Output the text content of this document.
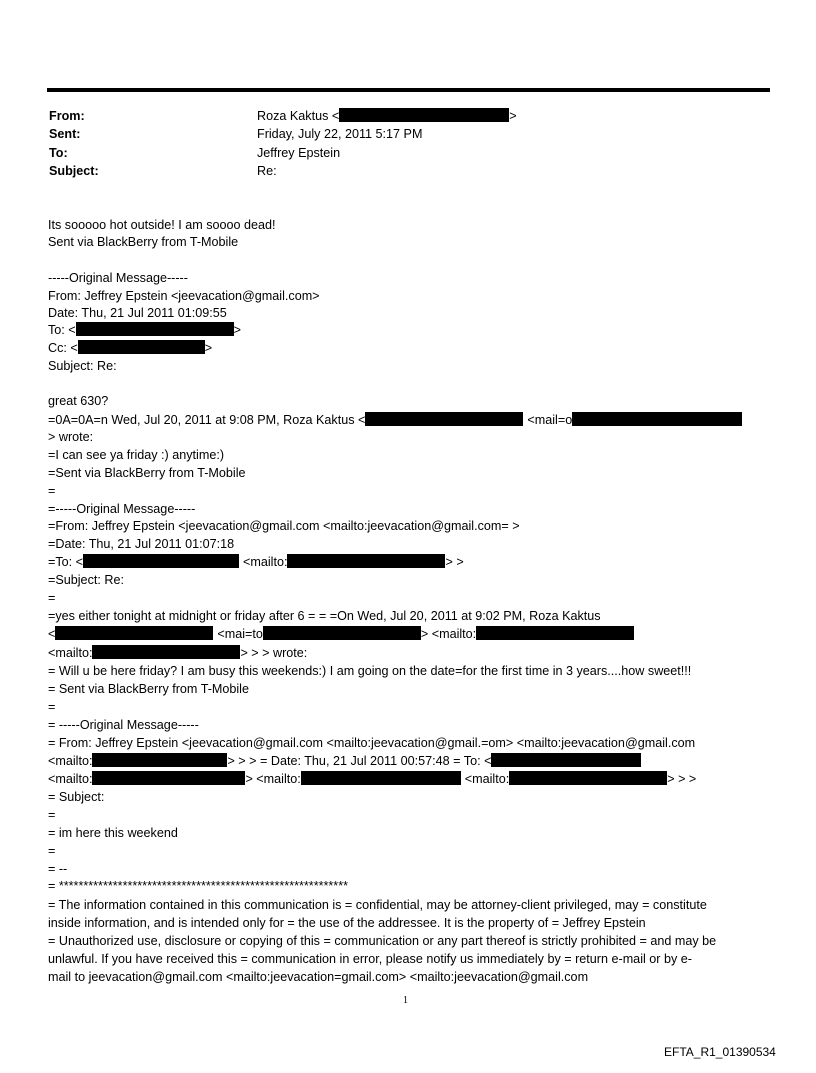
From:	Roza Kaktus <	>
Sent:	Friday, July 22, 2011 5:17 PM
To:	Jeffrey Epstein
Subject:	Re:
Its sooooo hot outside! I am soooo dead!
Sent via BlackBerry from T-Mobile
-----Original Message-----
From: Jeffrey Epstein <jeevacation@gmail.com>
Date: Thu, 21 Jul 2011 01:09:55
To: <	>
Cc: <	>
Subject: Re:
great 630?
=0A=0A=n Wed, Jul 20, 2011 at 9:08 PM, Roza Kaktus <	<mail=o
> wrote:
=I can see ya friday :) anytime:)
=Sent via BlackBerry from T-Mobile
=
=-----Original Message-----
=From: Jeffrey Epstein <jeevacation@gmail.com <mailto:jeevacation@gmail.com= >
=Date: Thu, 21 Jul 2011 01:07:18
=To: <	<mailto:	> >
=Subject: Re:
=
=yes either tonight at midnight or friday after 6 = = =On Wed, Jul 20, 2011 at 9:02 PM, Roza Kaktus
<	<mai=to	> <mailto:
<mailto:	> > > wrote:
= Will u be here friday? I am busy this weekends:) I am going on the date=for the first time in 3 years....how sweet!!!
= Sent via BlackBerry from T-Mobile
=
= -----Original Message-----
= From: Jeffrey Epstein <jeevacation@gmail.com <mailto:jeevacation@gmail.=om> <mailto:jeevacation@gmail.com
<mailto:	> > > = Date: Thu, 21 Jul 2011 00:57:48 = To: <
<mailto:	> <mailto:	<mailto:	> > >
= Subject:
=
= im here this weekend
=
= --
= ***********************************************************
= The information contained in this communication is = confidential, may be attorney-client privileged, may = constitute
inside information, and is intended only for = the use of the addressee. It is the property of = Jeffrey Epstein
= Unauthorized use, disclosure or copying of this = communication or any part thereof is strictly prohibited = and may be
unlawful. If you have received this = communication in error, please notify us immediately by = return e-mail or by e-
mail to jeevacation@gmail.com <mailto:jeevacation=gmail.com> <mailto:jeevacation@gmail.com
1
EFTA_R1_01390534
